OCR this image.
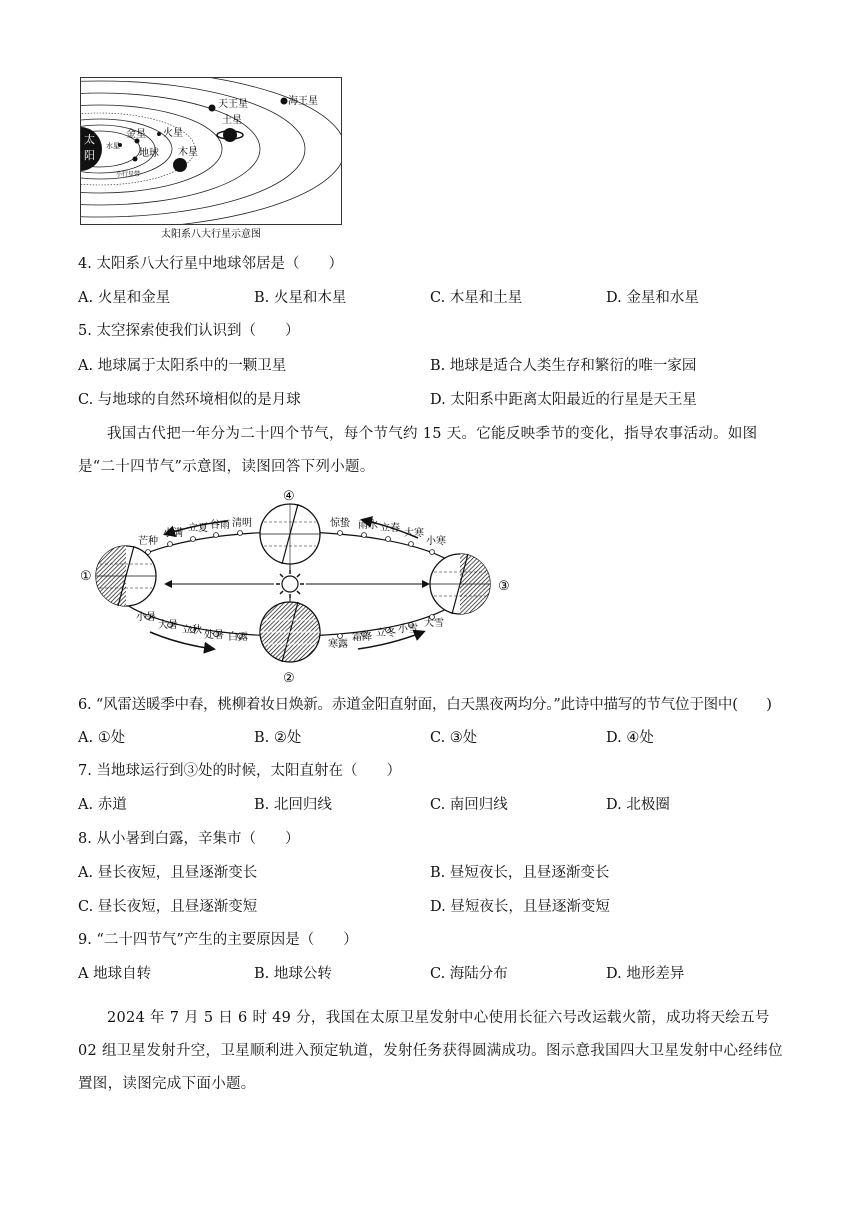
太
阳
水星
金星
地球
火星
木星
土星
天王星	海王星
小行星带
太阳系八大行星示意图
4. 太阳系八大行星中地球邻居是（　　）
A. 火星和金星	B. 火星和木星	C. 木星和土星	D. 金星和水星
5. 太空探索使我们认识到（　　）
A. 地球属于太阳系中的一颗卫星	B. 地球是适合人类生存和繁衍的唯一家园
C. 与地球的自然环境相似的是月球	D. 太阳系中距离太阳最近的行星是天王星
我国古代把一年分为二十四个节气，每个节气约 15 天。它能反映季节的变化，指导农事活动。如图是“二十四节气”示意图，读图回答下列小题。
①
②
③
④
芒种
小满 立夏 谷雨 清明	惊蛰 雨水 立春 大寒
小寒
小暑
大暑 立秋 处暑 白露
寒露
霜降 立冬 小雪
大雪
6. “风雷送暖季中春，桃柳着妆日焕新。赤道金阳直射面，白天黑夜两均分。”此诗中描写的节气位于图中(　　)
A. ①处	B. ②处	C. ③处	D. ④处
7. 当地球运行到③处的时候，太阳直射在（　　）
A. 赤道	B. 北回归线	C. 南回归线	D. 北极圈
8. 从小暑到白露，辛集市（　　）
A. 昼长夜短，且昼逐渐变长	B. 昼短夜长，且昼逐渐变长
C. 昼长夜短，且昼逐渐变短	D. 昼短夜长，且昼逐渐变短
9. “二十四节气”产生的主要原因是（　　）
A 地球自转	B. 地球公转	C. 海陆分布	D. 地形差异
2024 年 7 月 5 日 6 时 49 分，我国在太原卫星发射中心使用长征六号改运载火箭，成功将天绘五号 02 组卫星发射升空，卫星顺利进入预定轨道，发射任务获得圆满成功。图示意我国四大卫星发射中心经纬位置图，读图完成下面小题。
